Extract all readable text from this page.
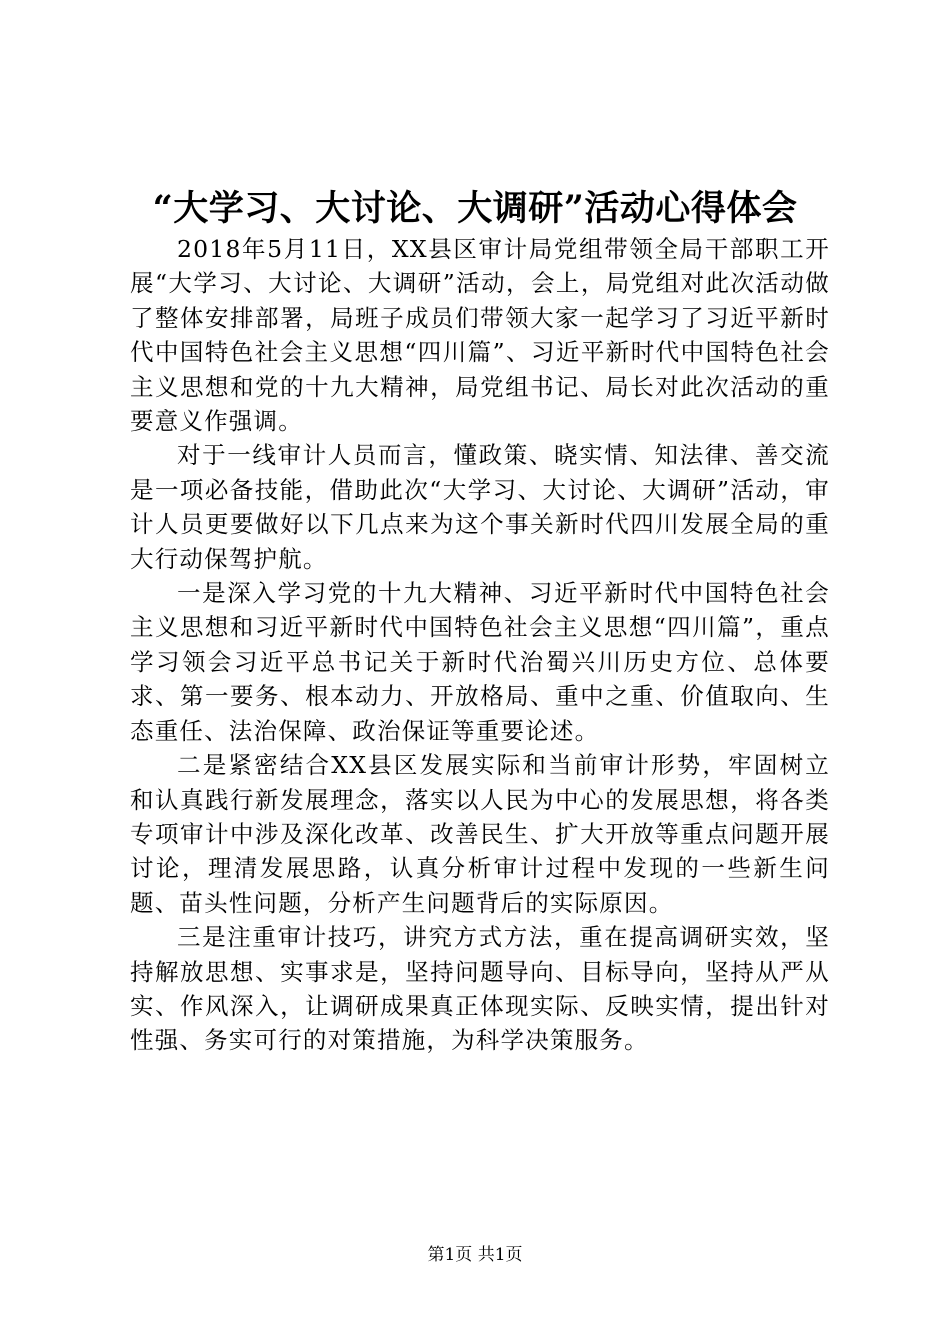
“大学习、大讨论、大调研”活动心得体会

2018年5月11日，XX县区审计局党组带领全局干部职工开展“大学习、大讨论、大调研”活动，会上，局党组对此次活动做了整体安排部署，局班子成员们带领大家一起学习了习近平新时代中国特色社会主义思想“四川篇”、习近平新时代中国特色社会主义思想和党的十九大精神，局党组书记、局长对此次活动的重要意义作强调。

对于一线审计人员而言，懂政策、晓实情、知法律、善交流是一项必备技能，借助此次“大学习、大讨论、大调研”活动，审计人员更要做好以下几点来为这个事关新时代四川发展全局的重大行动保驾护航。

一是深入学习党的十九大精神、习近平新时代中国特色社会主义思想和习近平新时代中国特色社会主义思想“四川篇”，重点学习领会习近平总书记关于新时代治蜀兴川历史方位、总体要求、第一要务、根本动力、开放格局、重中之重、价值取向、生态重任、法治保障、政治保证等重要论述。

二是紧密结合XX县区发展实际和当前审计形势，牢固树立和认真践行新发展理念，落实以人民为中心的发展思想，将各类专项审计中涉及深化改革、改善民生、扩大开放等重点问题开展讨论，理清发展思路，认真分析审计过程中发现的一些新生问题、苗头性问题，分析产生问题背后的实际原因。

三是注重审计技巧，讲究方式方法，重在提高调研实效，坚持解放思想、实事求是，坚持问题导向、目标导向，坚持从严从实、作风深入，让调研成果真正体现实际、反映实情，提出针对性强、务实可行的对策措施，为科学决策服务。

第1页 共1页
